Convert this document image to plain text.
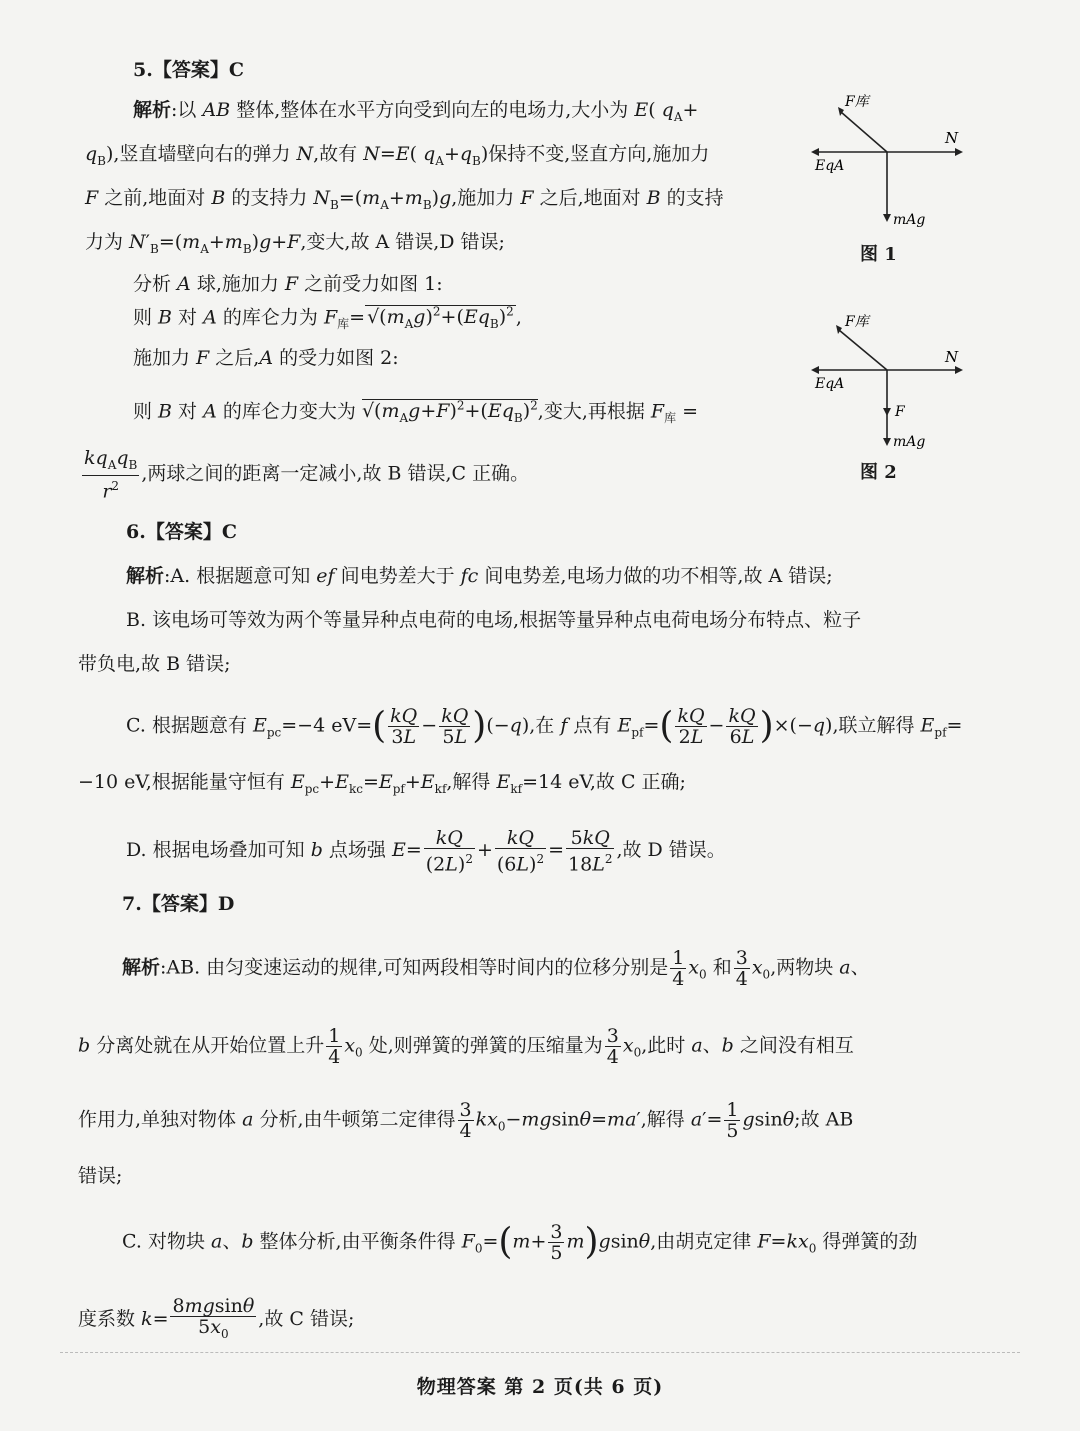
5.【答案】C
解析:以 AB 整体,整体在水平方向受到向左的电场力,大小为 E( $q_A+$
$q_B$),竖直墙壁向右的弹力 N,故有 N=E( $q_A+q_B$)保持不变,竖直方向,施加力
F 之前,地面对 B 的支持力 $N_B=(m_A+m_B)g$,施加力 F 之后,地面对 B 的支持
力为 $N'_B=(m_A+m_B)g+F$,变大,故 A 错误,D 错误;
分析 A 球,施加力 F 之前受力如图 1:
则 B 对 A 的库仑力为 $F_库= √(m_Ag)^2+(Eq_B)^2$ ,
施加力 F 之后,A 的受力如图 2:
则 B 对 A 的库仑力变大为 $√(m_Ag+F)^2+(Eq_B)^2$,变大,再根据 $F_库$ =
$\frac{kq_Aq_B}{r^2}$ ,两球之间的距离一定减小,故 B 错误,C 正确。
F库
N
EqA
mAg
图 1
F库
N
EqA
F
mAg
图 2
6.【答案】C
解析:A. 根据题意可知 ef 间电势差大于 fc 间电势差,电场力做的功不相等,故 A 错误;
B. 该电场可等效为两个等量异种点电荷的电场,根据等量异种点电荷电场分布特点、粒子
带负电,故 B 错误;
C. 根据题意有 $E_{pc}=-4$ $eV=( \frac{kQ}{3L} - \frac{kQ}{5L} )(-q)$,在 f 点有 $E_{pf}=( \frac{kQ}{2L} - \frac{kQ}{6L} )\times(-q)$,联立解得 $E_{pf}=$
−10 eV,根据能量守恒有 $E_{pc}+E_{kc}=E_{pf}+E_{kf}$,解得 $E_{kf}=14$ eV,故 C 正确;
D. 根据电场叠加可知 b 点场强 $E= \frac{kQ}{(2L)^2} + \frac{kQ}{(6L)^2} = \frac{5kQ}{18L^2}$ ,故 D 错误。
7.【答案】D
解析:AB. 由匀变速运动的规律,可知两段相等时间内的位移分别是 $\frac{1}{4} x_0$ 和 $\frac{3}{4} x_0$,两物块 a、
b 分离处就在从开始位置上升 $\frac{1}{4} x_0$ 处,则弹簧的弹簧的压缩量为 $\frac{3}{4} x_0$,此时 a、b 之间没有相互
作用力,单独对物体 a 分析,由牛顿第二定律得 $\frac{3}{4} kx_0-mgsin\theta=ma'$,解得 $a'= \frac{1}{5} gsin\theta$;故 AB
错误;
C. 对物块 a、b 整体分析,由平衡条件得 $F_0=(m+ \frac{3}{5} m)gsin\theta$,由胡克定律 $F=kx_0$ 得弹簧的劲
度系数 $k= \frac{8mgsin\theta}{5x_0}$ ,故 C 错误;
物理答案 第 2 页(共 6 页)
